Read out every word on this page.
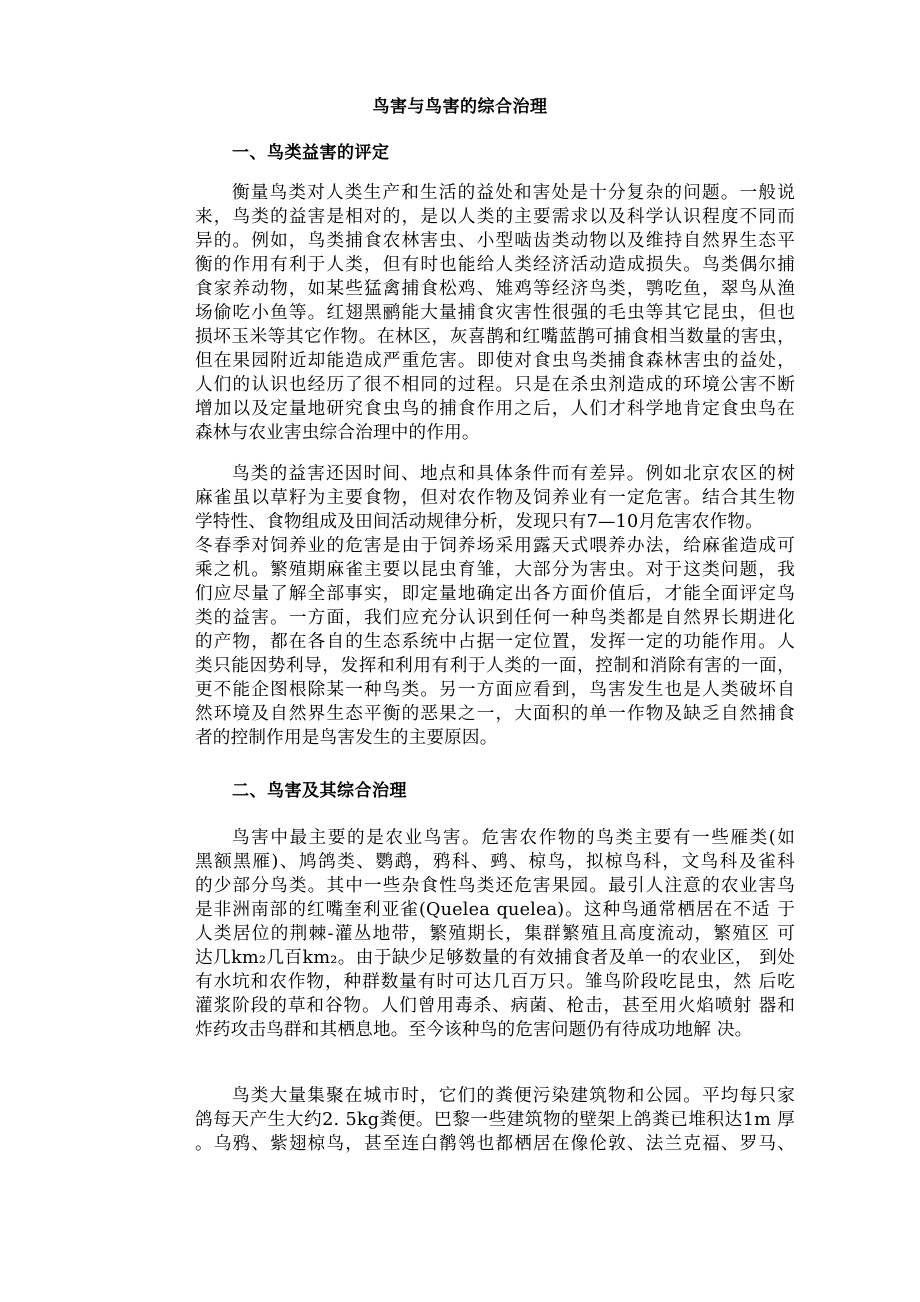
鸟害与鸟害的综合治理
一、鸟类益害的评定
衡量鸟类对人类生产和生活的益处和害处是十分复杂的问题。一般说
来，鸟类的益害是相对的，是以人类的主要需求以及科学认识程度不同而
异的。例如，鸟类捕食农林害虫、小型啮齿类动物以及维持自然界生态平
衡的作用有利于人类，但有时也能给人类经济活动造成损失。鸟类偶尔捕
食家养动物，如某些猛禽捕食松鸡、雉鸡等经济鸟类，鹗吃鱼，翠鸟从渔
场偷吃小鱼等。红翅黑鹂能大量捕食灾害性很强的毛虫等其它昆虫，但也
损坏玉米等其它作物。在林区，灰喜鹊和红嘴蓝鹊可捕食相当数量的害虫，
但在果园附近却能造成严重危害。即使对食虫鸟类捕食森林害虫的益处，
人们的认识也经历了很不相同的过程。只是在杀虫剂造成的环境公害不断
增加以及定量地研究食虫鸟的捕食作用之后，人们才科学地肯定食虫鸟在
森林与农业害虫综合治理中的作用。
鸟类的益害还因时间、地点和具体条件而有差异。例如北京农区的树
麻雀虽以草籽为主要食物，但对农作物及饲养业有一定危害。结合其生物
学特性、食物组成及田间活动规律分析，发现只有7—10月危害农作物。
冬春季对饲养业的危害是由于饲养场采用露天式喂养办法，给麻雀造成可
乘之机。繁殖期麻雀主要以昆虫育雏，大部分为害虫。对于这类问题，我
们应尽量了解全部事实，即定量地确定出各方面价值后，才能全面评定鸟
类的益害。一方面，我们应充分认识到任何一种鸟类都是自然界长期进化
的产物，都在各自的生态系统中占据一定位置，发挥一定的功能作用。人
类只能因势利导，发挥和利用有利于人类的一面，控制和消除有害的一面，
更不能企图根除某一种鸟类。另一方面应看到，鸟害发生也是人类破坏自
然环境及自然界生态平衡的恶果之一，大面积的单一作物及缺乏自然捕食
者的控制作用是鸟害发生的主要原因。
二、鸟害及其综合治理
鸟害中最主要的是农业鸟害。危害农作物的鸟类主要有一些雁类(如
黑额黑雁)、鸠鸽类、鹦鹉，鸦科、鹀、椋鸟，拟椋鸟科，文鸟科及雀科
的少部分鸟类。其中一些杂食性鸟类还危害果园。最引人注意的农业害鸟
是非洲南部的红嘴奎利亚雀(Quelea quelea)。这种鸟通常栖居在不适 于
人类居位的荆棘-灌丛地带，繁殖期长，集群繁殖且高度流动，繁殖区 可
达几km₂几百km₂。由于缺少足够数量的有效捕食者及单一的农业区， 到处
有水坑和农作物，种群数量有时可达几百万只。雏鸟阶段吃昆虫，然 后吃
灌浆阶段的草和谷物。人们曾用毒杀、病菌、枪击，甚至用火焰喷射 器和
炸药攻击鸟群和其栖息地。至今该种鸟的危害问题仍有待成功地解 决。
鸟类大量集聚在城市时，它们的粪便污染建筑物和公园。平均每只家
鸽每天产生大约2. 5kg粪便。巴黎一些建筑物的壁架上鸽粪已堆积达1m 厚
。乌鸦、紫翅椋鸟，甚至连白鹡鸰也都栖居在像伦敦、法兰克福、罗马、
